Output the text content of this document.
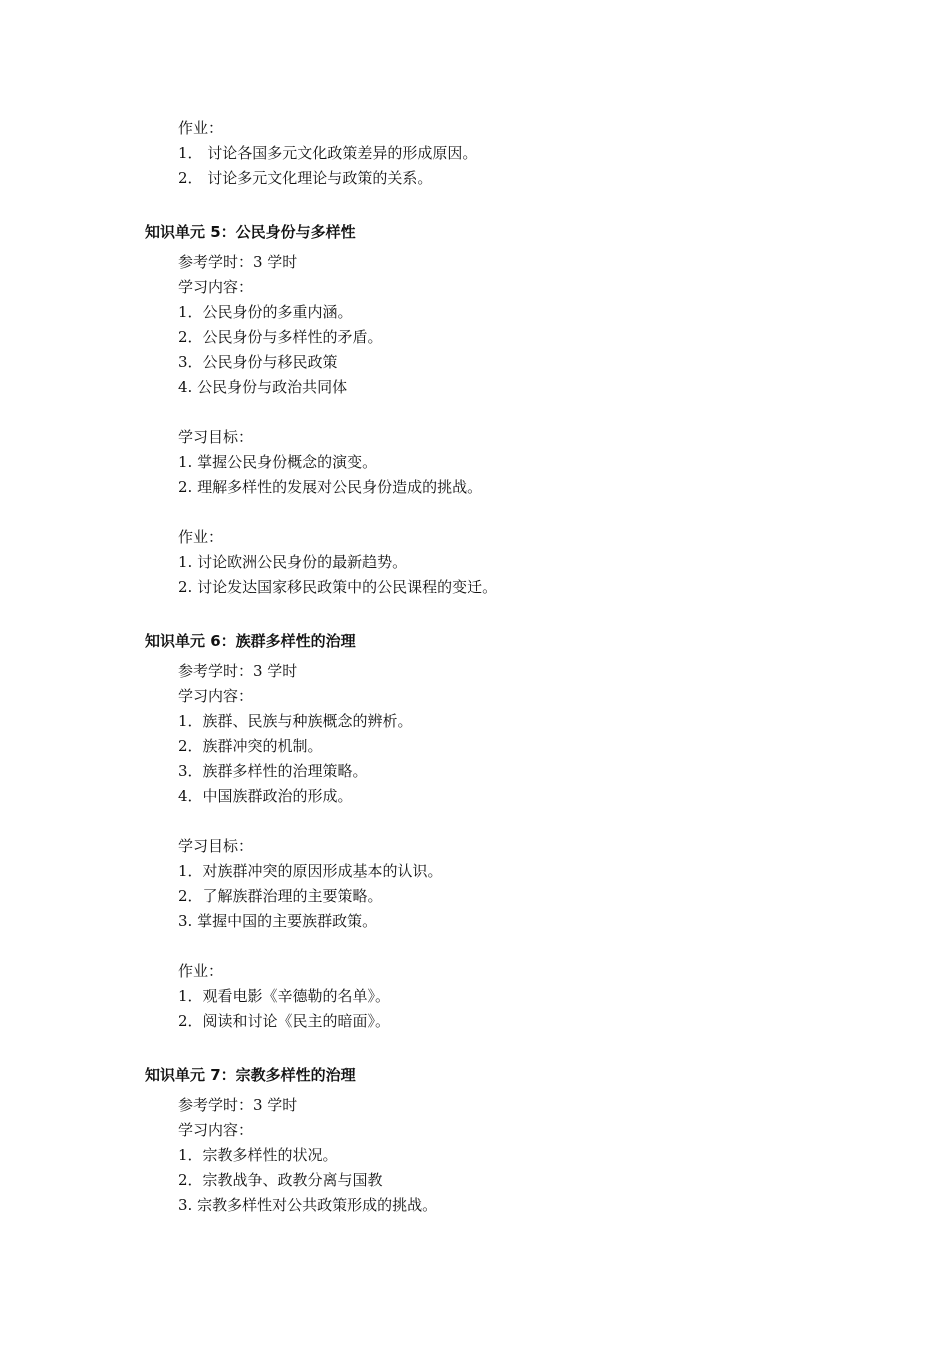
作业：
1． 讨论各国多元文化政策差异的形成原因。
2． 讨论多元文化理论与政策的关系。
知识单元 5：公民身份与多样性
参考学时：3 学时
学习内容：
1．公民身份的多重内涵。
2．公民身份与多样性的矛盾。
3．公民身份与移民政策
4. 公民身份与政治共同体
学习目标：
1. 掌握公民身份概念的演变。
2. 理解多样性的发展对公民身份造成的挑战。
作业：
1. 讨论欧洲公民身份的最新趋势。
2. 讨论发达国家移民政策中的公民课程的变迁。
知识单元 6：族群多样性的治理
参考学时：3 学时
学习内容：
1．族群、民族与种族概念的辨析。
2．族群冲突的机制。
3．族群多样性的治理策略。
4．中国族群政治的形成。
学习目标：
1．对族群冲突的原因形成基本的认识。
2．了解族群治理的主要策略。
3. 掌握中国的主要族群政策。
作业：
1．观看电影《辛德勒的名单》。
2．阅读和讨论《民主的暗面》。
知识单元 7：宗教多样性的治理
参考学时：3 学时
学习内容：
1．宗教多样性的状况。
2．宗教战争、政教分离与国教
3. 宗教多样性对公共政策形成的挑战。
